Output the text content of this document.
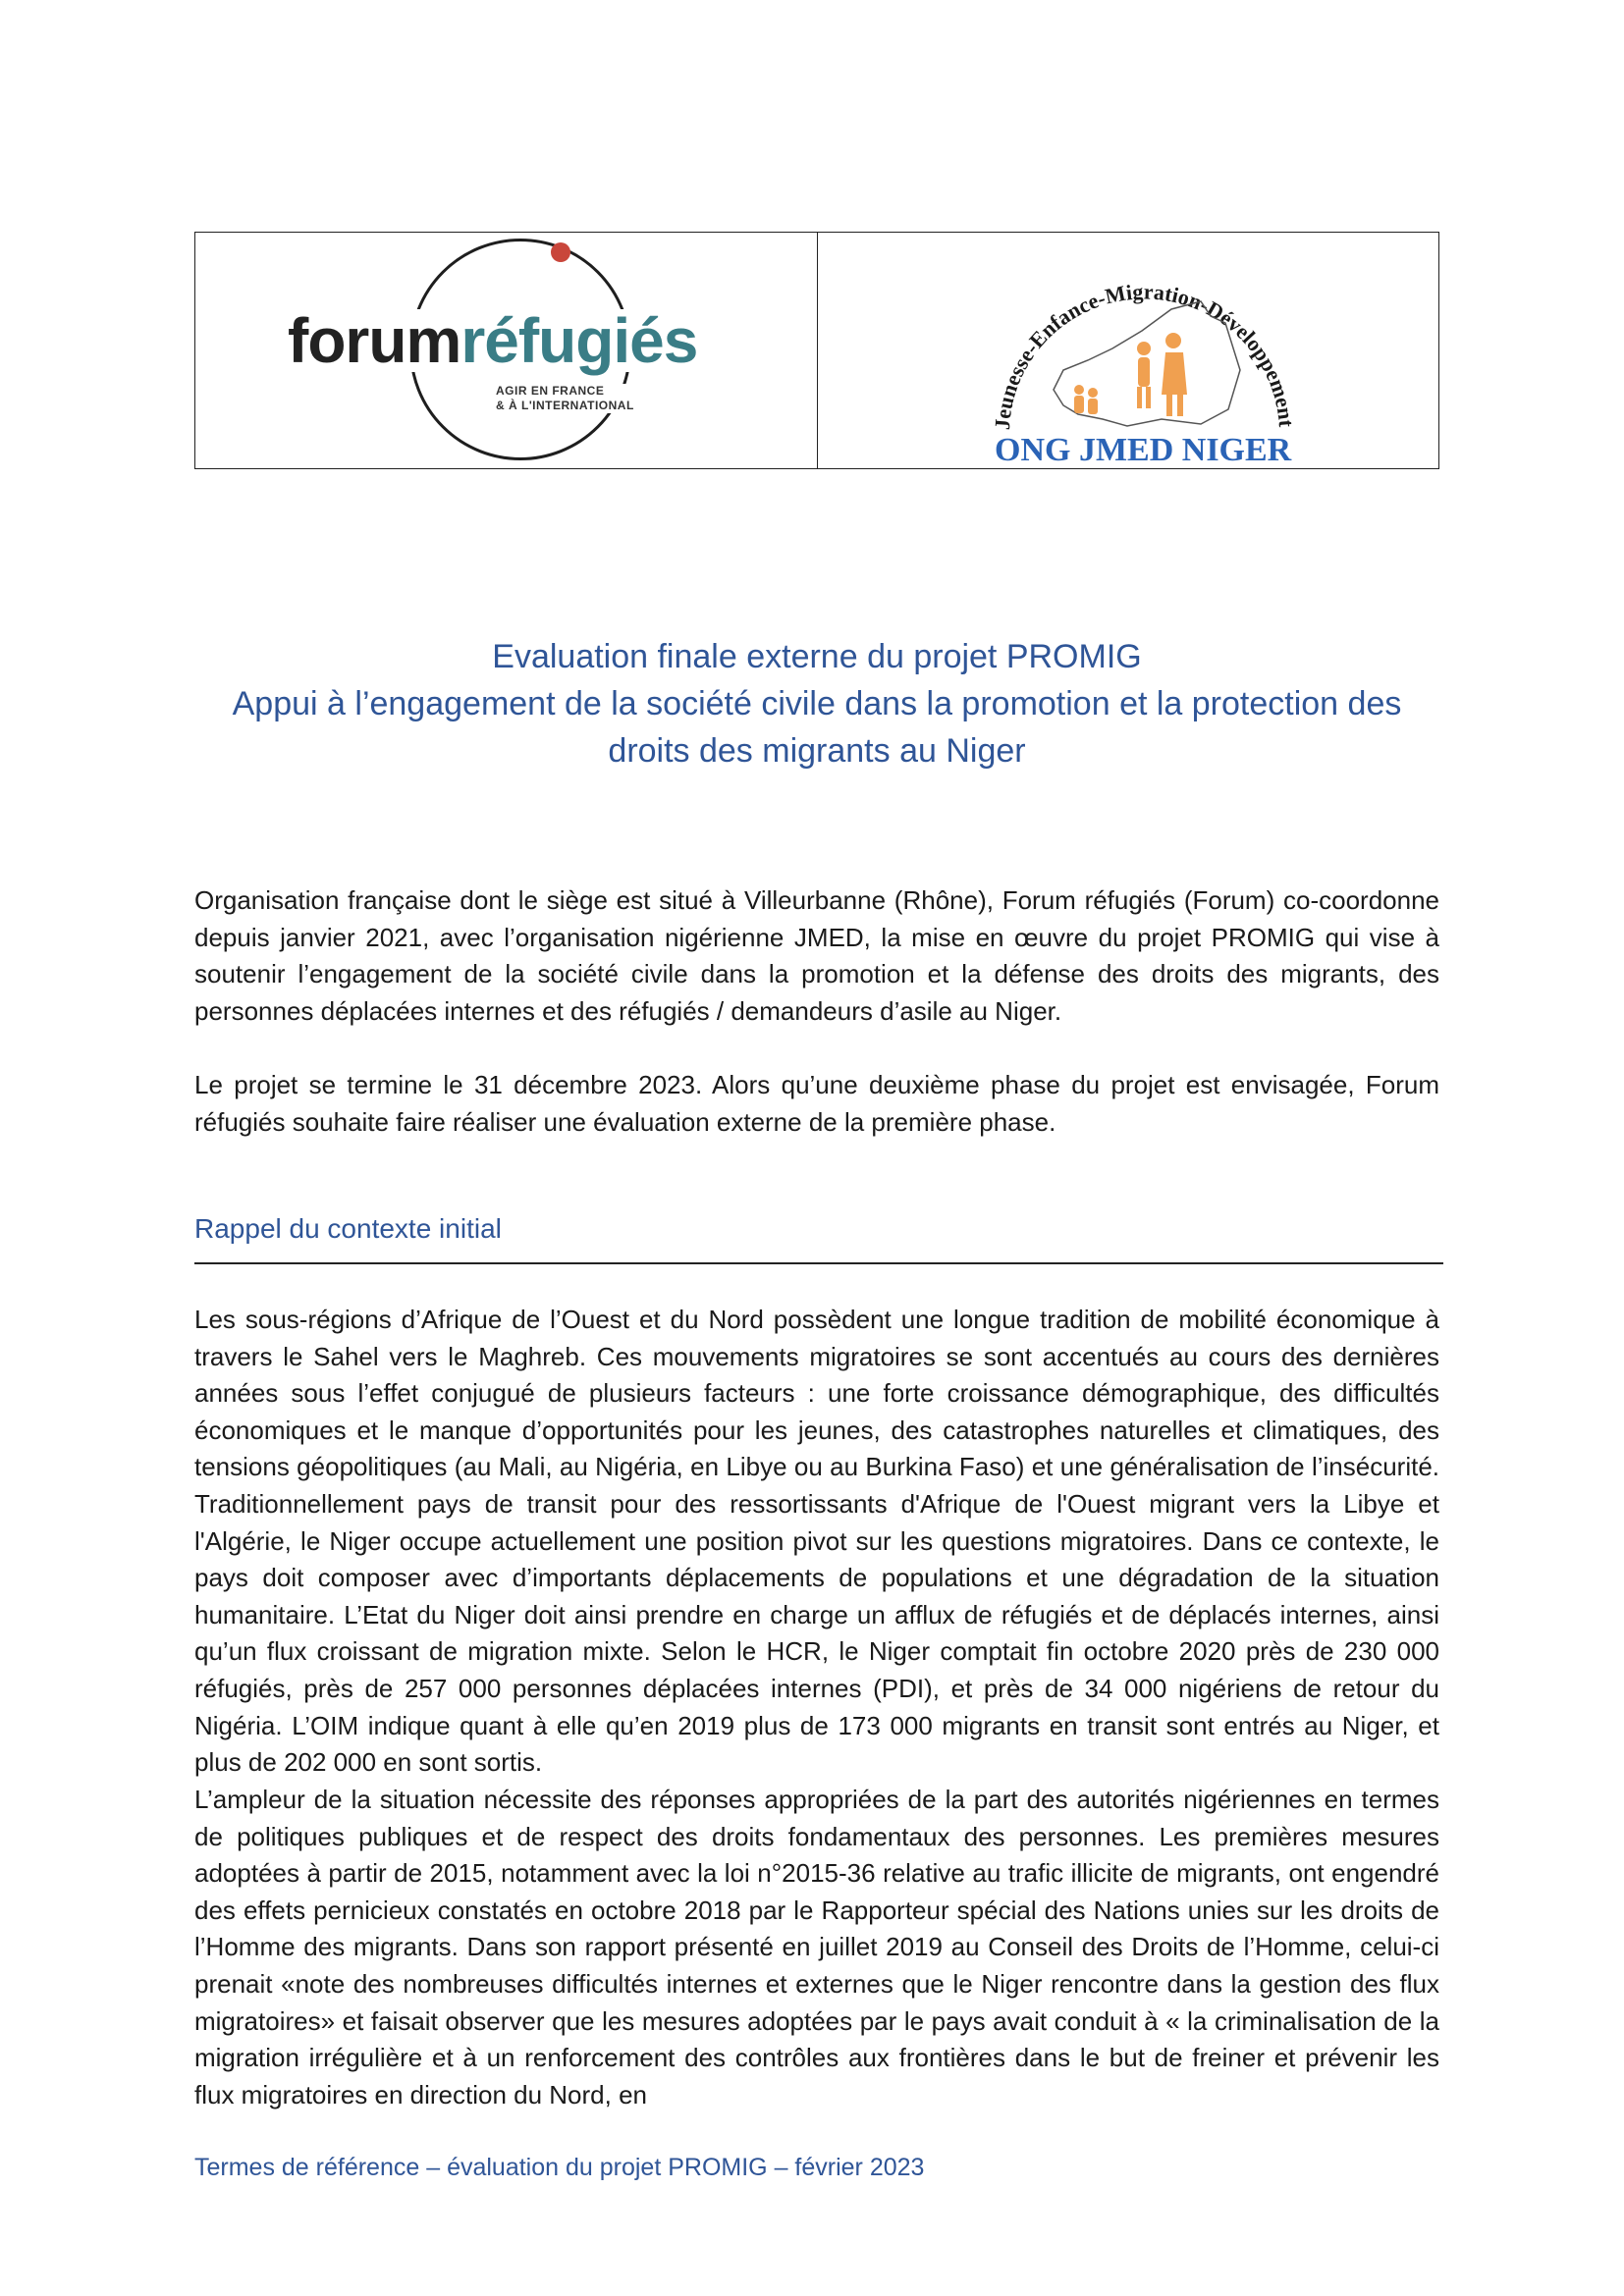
forumréfugiés
AGIR EN FRANCE
& À L'INTERNATIONAL
Jeunesse-Enfance-Migration-Développement
ONG JMED NIGER
Evaluation finale externe du projet PROMIG
Appui à l’engagement de la société civile dans la promotion et la protection des
droits des migrants au Niger
Organisation française dont le siège est situé à Villeurbanne (Rhône), Forum réfugiés (Forum) co-coordonne depuis janvier 2021, avec l’organisation nigérienne JMED, la mise en œuvre du projet PROMIG qui vise à soutenir l’engagement de la société civile dans la promotion et la défense des droits des migrants, des personnes déplacées internes et des réfugiés / demandeurs d’asile au Niger.
Le projet se termine le 31 décembre 2023. Alors qu’une deuxième phase du projet est envisagée, Forum réfugiés souhaite faire réaliser une évaluation externe de la première phase.
Rappel du contexte initial
Les sous-régions d’Afrique de l’Ouest et du Nord possèdent une longue tradition de mobilité économique à travers le Sahel vers le Maghreb. Ces mouvements migratoires se sont accentués au cours des dernières années sous l’effet conjugué de plusieurs facteurs : une forte croissance démographique, des difficultés économiques et le manque d’opportunités pour les jeunes, des catastrophes naturelles et climatiques, des tensions géopolitiques (au Mali, au Nigéria, en Libye ou au Burkina Faso) et une généralisation de l’insécurité. Traditionnellement pays de transit pour des ressortissants d'Afrique de l'Ouest migrant vers la Libye et l'Algérie, le Niger occupe actuellement une position pivot sur les questions migratoires. Dans ce contexte, le pays doit composer avec d’importants déplacements de populations et une dégradation de la situation humanitaire. L’Etat du Niger doit ainsi prendre en charge un afflux de réfugiés et de déplacés internes, ainsi qu’un flux croissant de migration mixte. Selon le HCR, le Niger comptait fin octobre 2020 près de 230 000 réfugiés, près de 257 000 personnes déplacées internes (PDI), et près de 34 000 nigériens de retour du Nigéria. L’OIM indique quant à elle qu’en 2019 plus de 173 000 migrants en transit sont entrés au Niger, et plus de 202 000 en sont sortis.
L’ampleur de la situation nécessite des réponses appropriées de la part des autorités nigériennes en termes de politiques publiques et de respect des droits fondamentaux des personnes. Les premières mesures adoptées à partir de 2015, notamment avec la loi n°2015-36 relative au trafic illicite de migrants, ont engendré des effets pernicieux constatés en octobre 2018 par le Rapporteur spécial des Nations unies sur les droits de l’Homme des migrants. Dans son rapport présenté en juillet 2019 au Conseil des Droits de l’Homme, celui-ci prenait «note des nombreuses difficultés internes et externes que le Niger rencontre dans la gestion des flux migratoires» et faisait observer que les mesures adoptées par le pays avait conduit à « la criminalisation de la migration irrégulière et à un renforcement des contrôles aux frontières dans le but de freiner et prévenir les flux migratoires en direction du Nord, en
Termes de référence – évaluation du projet PROMIG – février 2023
